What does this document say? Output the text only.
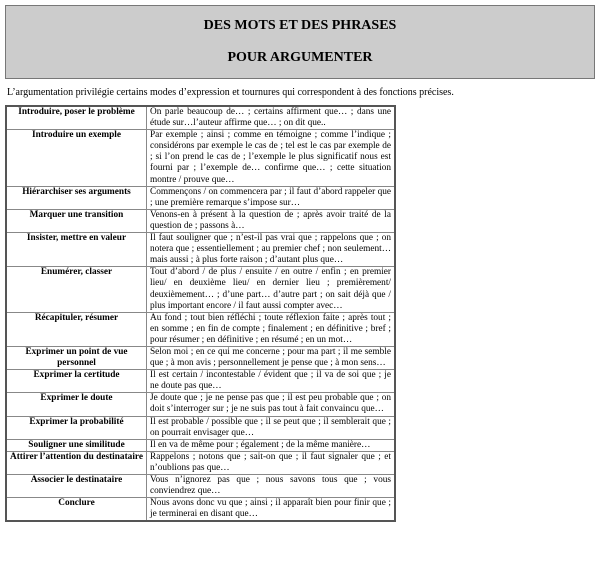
DES MOTS ET DES PHRASES
POUR ARGUMENTER
L’argumentation privilégie certains modes d’expression et tournures qui correspondent à des fonctions précises.
Introduire, poser le problème	On parle beaucoup de… ; certains affirment que… ; dans une étude sur…l’auteur affirme que… ; on dit que..
Introduire un exemple	Par exemple ; ainsi ; comme en témoigne ; comme l’indique ; considérons par exemple le cas de ; tel est le cas par exemple de ; si l’on prend le cas de ; l’exemple le plus significatif nous est fourni par ; l’exemple de… confirme que… ; cette situation montre / prouve que…
Hiérarchiser ses arguments	Commençons / on commencera par ; il faut d’abord rappeler que ; une première remarque s’impose sur…
Marquer une transition	Venons-en à présent à la question de ; après avoir traité de la question de ; passons à…
Insister, mettre en valeur	Il faut souligner que ; n’est-il pas vrai que ; rappelons que ; on notera que ; essentiellement ; au premier chef ; non seulement…mais aussi ; à plus forte raison ; d’autant plus que…
Enumérer, classer	Tout d’abord / de plus / ensuite / en outre / enfin ; en premier lieu/ en deuxième lieu/ en dernier lieu ; premièrement/ deuxièmement… ; d’une part… d’autre part ; on sait déjà que / plus important encore / il faut aussi compter avec…
Récapituler, résumer	Au fond ; tout bien réfléchi ; toute réflexion faite ; après tout ; en somme ; en fin de compte ; finalement ; en définitive ; bref ; pour résumer ; en définitive ; en résumé ; en un mot…
Exprimer un point de vue personnel	Selon moi ; en ce qui me concerne ; pour ma part ; il me semble que ; à mon avis ; personnellement je pense que ; à mon sens…
Exprimer la certitude	Il est certain / incontestable / évident que ; il va de soi que ; je ne doute pas que…
Exprimer le doute	Je doute que ; je ne pense pas que ; il est peu probable que ; on doit s’interroger sur ; je ne suis pas tout à fait convaincu que…
Exprimer la probabilité	Il est probable / possible que ; il se peut que ; il semblerait que ; on pourrait envisager que…
Souligner une similitude	Il en va de même pour ; également ; de la même manière…
Attirer l’attention du destinataire	Rappelons ; notons que ; sait-on que ; il faut signaler que ; et n’oublions pas que…
Associer le destinataire	Vous n’ignorez pas que ; nous savons tous que ; vous conviendrez que…
Conclure	Nous avons donc vu que ; ainsi ; il apparaît bien pour finir que ; je terminerai en disant que…
